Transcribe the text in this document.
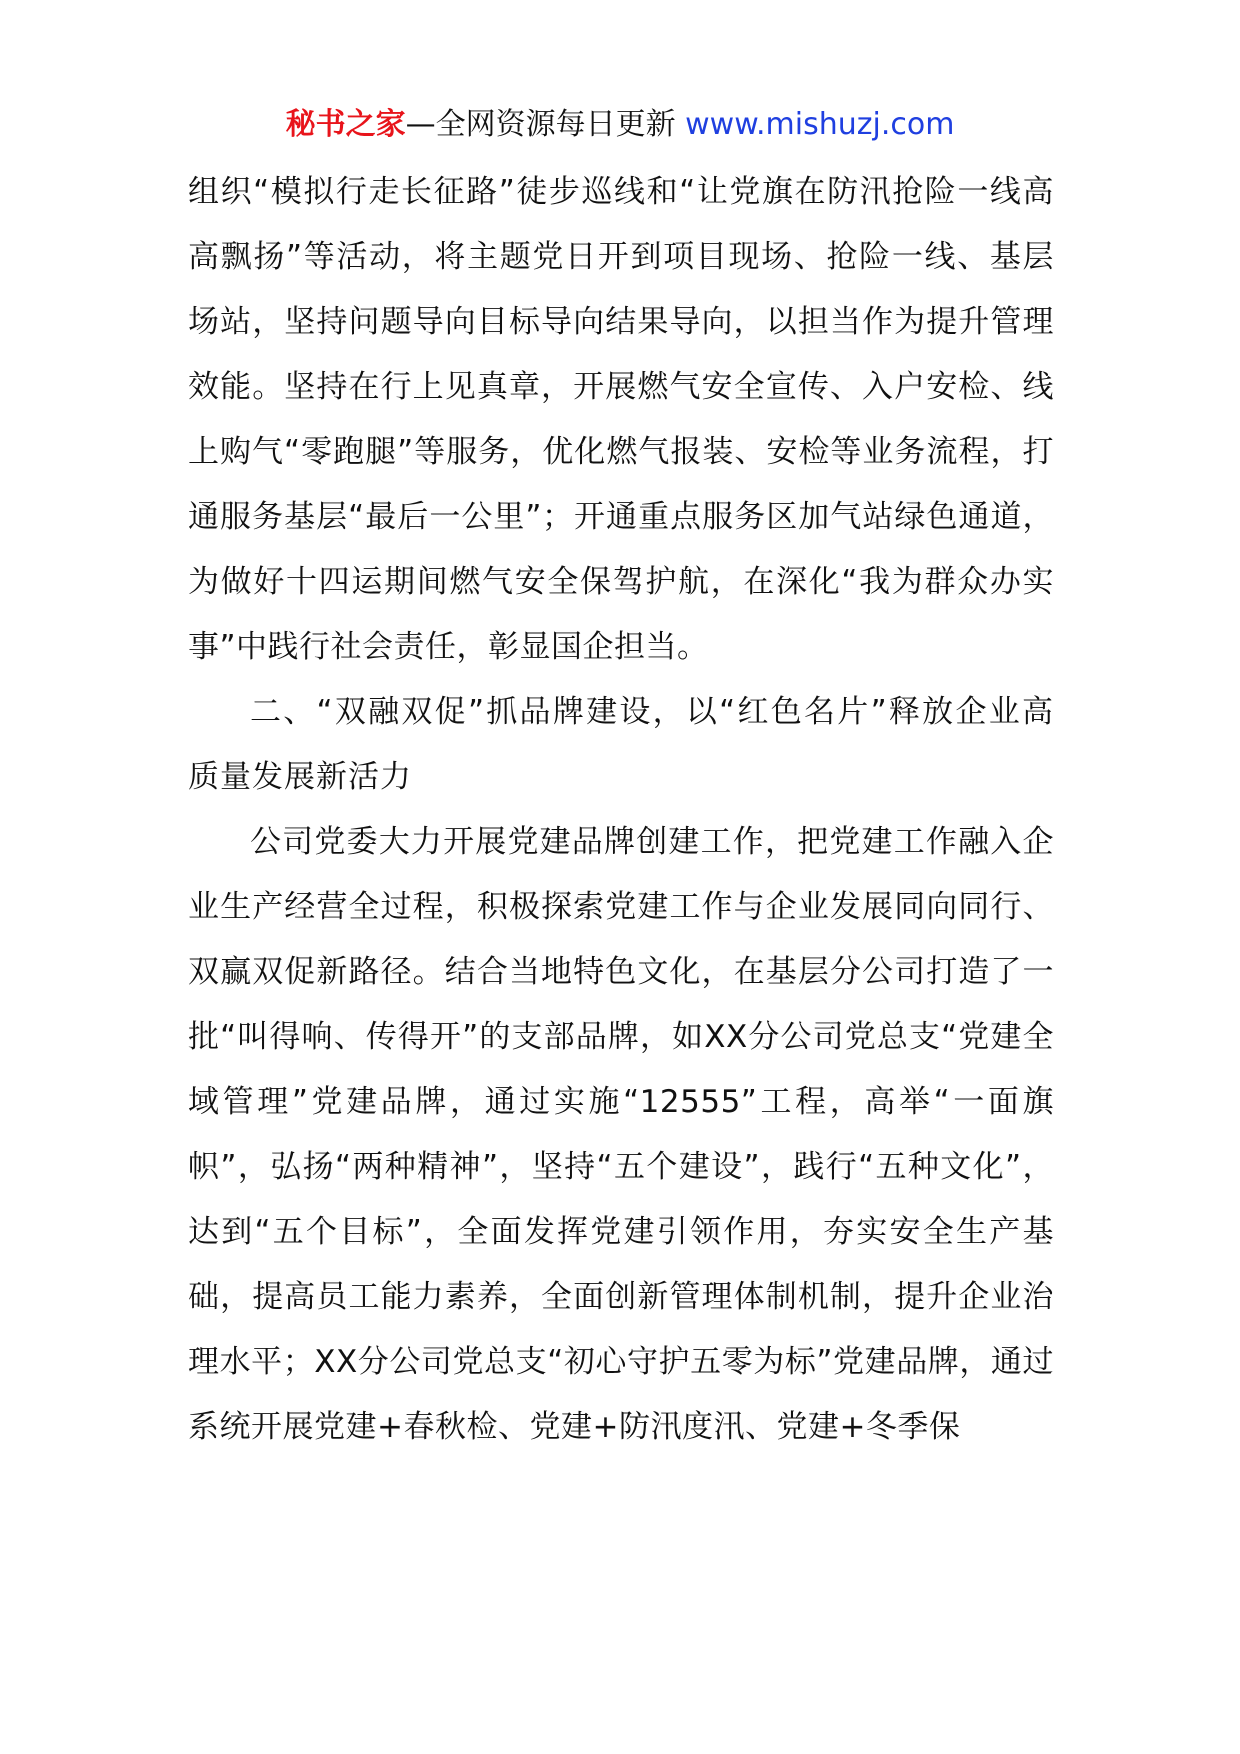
秘书之家—全网资源每日更新 www.mishuzj.com

组织“模拟行走长征路”徒步巡线和“让党旗在防汛抢险一线高高飘扬”等活动，将主题党日开到项目现场、抢险一线、基层场站，坚持问题导向目标导向结果导向，以担当作为提升管理效能。坚持在行上见真章，开展燃气安全宣传、入户安检、线上购气“零跑腿”等服务，优化燃气报装、安检等业务流程，打通服务基层“最后一公里”；开通重点服务区加气站绿色通道，为做好十四运期间燃气安全保驾护航，在深化“我为群众办实事”中践行社会责任，彰显国企担当。

二、“双融双促”抓品牌建设，以“红色名片”释放企业高质量发展新活力

公司党委大力开展党建品牌创建工作，把党建工作融入企业生产经营全过程，积极探索党建工作与企业发展同向同行、双赢双促新路径。结合当地特色文化，在基层分公司打造了一批“叫得响、传得开”的支部品牌，如XX分公司党总支“党建全域管理”党建品牌，通过实施“12555”工程，高举“一面旗帜”，弘扬“两种精神”，坚持“五个建设”，践行“五种文化”，达到“五个目标”，全面发挥党建引领作用，夯实安全生产基础，提高员工能力素养，全面创新管理体制机制，提升企业治理水平；XX分公司党总支“初心守护五零为标”党建品牌，通过系统开展党建+春秋检、党建+防汛度汛、党建+冬季保
